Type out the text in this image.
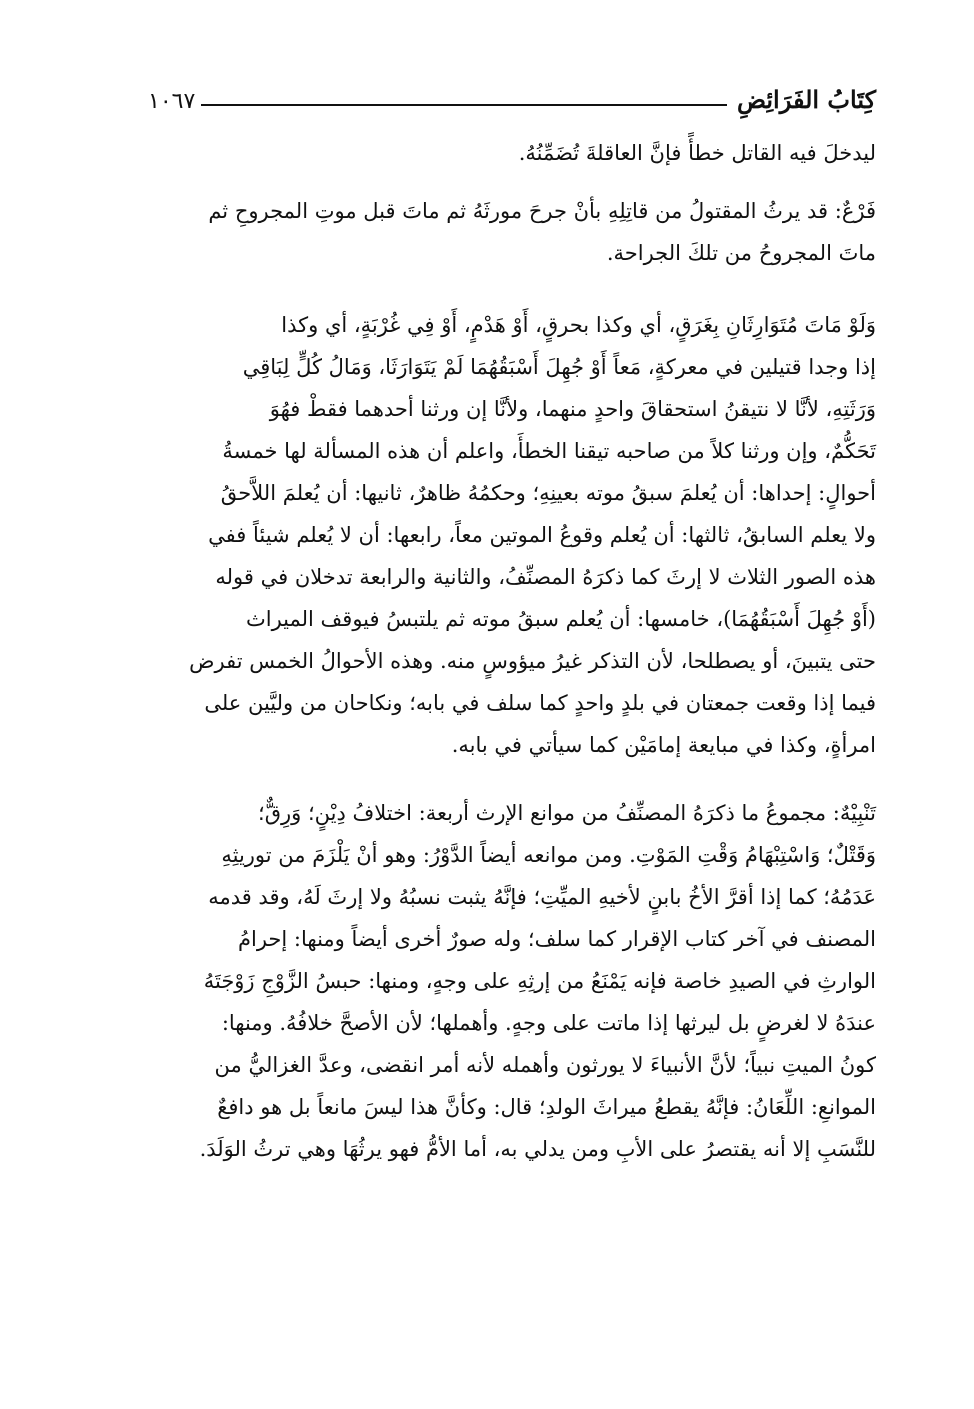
كِتَابُ الفَرَائِضِ
١٠٦٧
ليدخلَ فيه القاتل خطأً فإنَّ العاقلةَ تُضَمِّنُهُ.
فَرْعٌ: قد يرثُ المقتولُ من قاتِلِهِ بأنْ جرحَ مورثَهُ ثم ماتَ قبل موتِ المجروحِ ثم
ماتَ المجروحُ من تلكَ الجراحة.
وَلَوْ مَاتَ مُتَوَارِثَانِ بِغَرَقٍ، أي وكذا بحرقٍ، أَوْ هَدْمٍ، أَوْ فِي غُرْبَةٍ، أي وكذا
إذا وجدا قتيلين في معركةٍ، مَعاً أَوْ جُهِلَ أَسْبَقُهُمَا لَمْ يَتَوَارَثَا، وَمَالُ كُلٍّ لِبَاقِي
وَرَثَتِهِ، لأنَّا لا نتيقنُ استحقاقَ واحدٍ منهما، ولأنَّا إن ورثنا أحدهما فقطْ فهُوَ
تَحَكُّمٌ، وإن ورثنا كلاً من صاحبه تيقنا الخطأَ، واعلم أن هذه المسألة لها خمسةُ
أحوالٍ: إحداها: أن يُعلمَ سبقُ موته بعينِهِ؛ وحكمُهُ ظاهرٌ، ثانيها: أن يُعلمَ اللاَّحقُ
ولا يعلم السابقُ، ثالثها: أن يُعلم وقوعُ الموتين معاً، رابعها: أن لا يُعلم شيئاً ففي
هذه الصور الثلاث لا إرثَ كما ذكرَهُ المصنِّفُ، والثانية والرابعة تدخلان في قوله
(أَوْ جُهِلَ أَسْبَقُهُمَا)، خامسها: أن يُعلم سبقُ موته ثم يلتبسُ فيوقف الميراث
حتى يتبينَ، أو يصطلحا، لأن التذكر غيرُ ميؤوسٍ منه. وهذه الأحوالُ الخمس تفرض
فيما إذا وقعت جمعتان في بلدٍ واحدٍ كما سلف في بابه؛ ونكاحان من وليَّين على
امرأةٍ، وكذا في مبايعة إمامَيْن كما سيأتي في بابه.
تَنْبِيْهٌ: مجموعُ ما ذكرَهُ المصنِّفُ من موانع الإرث أربعة: اختلافُ دِيْنٍ؛ وَرِقٌّ؛
وَقَتْلٌ؛ وَاسْتِبْهَامُ وَقْتِ المَوْتِ. ومن موانعه أيضاً الدَّوْرُ: وهو أنْ يَلْزَمَ من توريثِهِ
عَدَمُهُ؛ كما إذا أقرَّ الأخُ بابنٍ لأخيهِ الميِّتِ؛ فإنَّهُ يثبت نسبُهُ ولا إرثَ لَهُ، وقد قدمه
المصنف في آخر كتاب الإقرار كما سلف؛ وله صورٌ أخرى أيضاً ومنها: إحرامُ
الوارثِ في الصيدِ خاصة فإنه يَمْنَعُ من إرثِهِ على وجهٍ، ومنها: حبسُ الزَّوْجِ زَوْجَتَهُ
عندَهُ لا لغرضٍ بل ليرثها إذا ماتت على وجهٍ. وأهملها؛ لأن الأصحَّ خلافُهُ. ومنها:
كونُ الميتِ نبياً؛ لأنَّ الأنبياءَ لا يورثون وأهمله لأنه أمر انقضى، وعدَّ الغزاليُّ من
الموانعِ: اللِّعَانُ: فإنَّهُ يقطعُ ميراثَ الولدِ؛ قال: وكأنَّ هذا ليسَ مانعاً بل هو دافعٌ
للنَّسَبِ إلا أنه يقتصرُ على الأبِ ومن يدلي به، أما الأمُّ فهو يرثُهَا وهي ترثُ الوَلَدَ.
